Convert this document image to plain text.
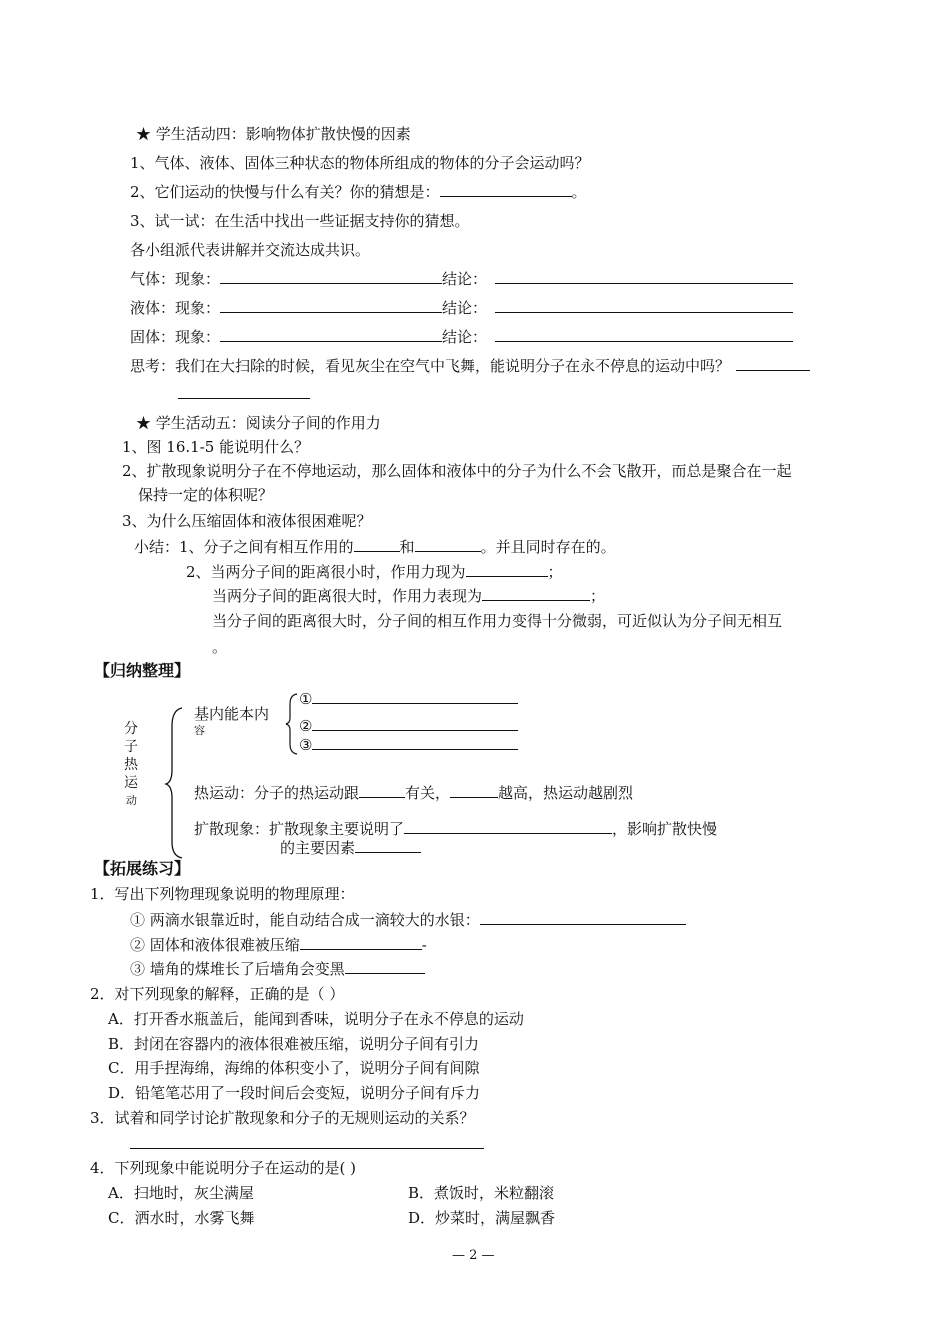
★ 学生活动四：影响物体扩散快慢的因素
1、气体、液体、固体三种状态的物体所组成的物体的分子会运动吗？
2、它们运动的快慢与什么有关？你的猜想是：	。
3、试一试：在生活中找出一些证据支持你的猜想。
各小组派代表讲解并交流达成共识。
气体：现象：	结论：
液体：现象：	结论：
固体：现象：	结论：
思考：我们在大扫除的时候，看见灰尘在空气中飞舞，能说明分子在永不停息的运动中吗？
★ 学生活动五：阅读分子间的作用力
1、图 16.1-5 能说明什么？
2、扩散现象说明分子在不停地运动，那么固体和液体中的分子为什么不会飞散开，而总是聚合在一起
保持一定的体积呢？
3、为什么压缩固体和液体很困难呢？
小结：1、分子之间有相互作用的	和	。并且同时存在的。
2、当两分子间的距离很小时，作用力现为	；
当两分子间的距离很大时，作用力表现为	；
当分子间的距离很大时，分子间的相互作用力变得十分微弱，可近似认为分子间无相互
。
【归纳整理】
分
子
热
运
动
基内能本内
容
①
②
③
热运动：分子的热运动跟	有关，	越高，热运动越剧烈
扩散现象：扩散现象主要说明了	，影响扩散快慢
的主要因素
【拓展练习】
1．写出下列物理现象说明的物理原理：
① 两滴水银靠近时，能自动结合成一滴较大的水银：
② 固体和液体很难被压缩	-
③ 墙角的煤堆长了后墙角会变黑
2．对下列现象的解释，正确的是（ ）
A．打开香水瓶盖后，能闻到香味，说明分子在永不停息的运动
B．封闭在容器内的液体很难被压缩，说明分子间有引力
C．用手捏海绵，海绵的体积变小了，说明分子间有间隙
D．铅笔笔芯用了一段时间后会变短，说明分子间有斥力
3．试着和同学讨论扩散现象和分子的无规则运动的关系？
4．下列现象中能说明分子在运动的是( )
A．扫地时，灰尘满屋	B．煮饭时，米粒翻滚
C．洒水时，水雾飞舞	D．炒菜时，满屋飘香
— 2 —
